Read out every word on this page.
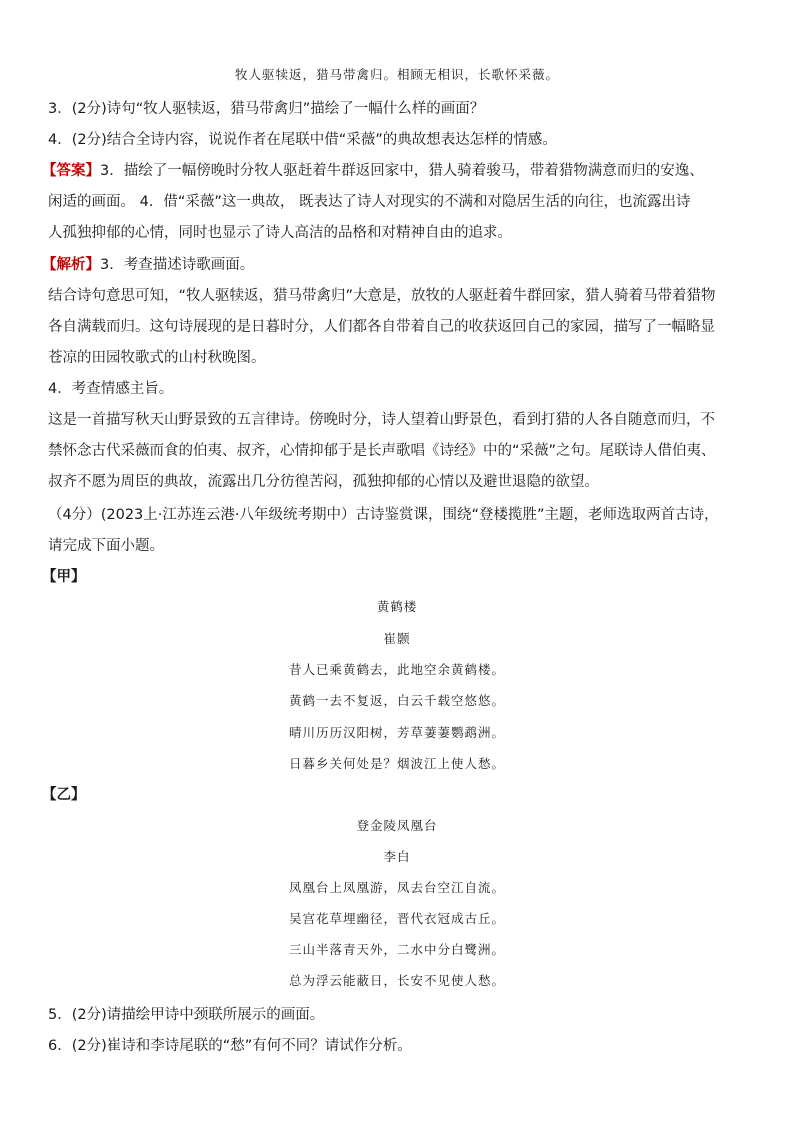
牧人驱犊返，猎马带禽归。相顾无相识，长歌怀采薇。
3．(2分)诗句“牧人驱犊返，猎马带禽归”描绘了一幅什么样的画面？
4．(2分)结合全诗内容，说说作者在尾联中借“采薇”的典故想表达怎样的情感。
【答案】3．描绘了一幅傍晚时分牧人驱赶着牛群返回家中，猎人骑着骏马，带着猎物满意而归的安逸、
闲适的画面。 4．借“采薇”这一典故， 既表达了诗人对现实的不满和对隐居生活的向往，也流露出诗
人孤独抑郁的心情，同时也显示了诗人高洁的品格和对精神自由的追求。
【解析】3．考查描述诗歌画面。
结合诗句意思可知，“牧人驱犊返，猎马带禽归”大意是，放牧的人驱赶着牛群回家，猎人骑着马带着猎物
各自满载而归。这句诗展现的是日暮时分，人们都各自带着自己的收获返回自己的家园，描写了一幅略显
苍凉的田园牧歌式的山村秋晚图。
4．考查情感主旨。
这是一首描写秋天山野景致的五言律诗。傍晚时分，诗人望着山野景色，看到打猎的人各自随意而归，不
禁怀念古代采薇而食的伯夷、叔齐，心情抑郁于是长声歌唱《诗经》中的“采薇”之句。尾联诗人借伯夷、
叔齐不愿为周臣的典故，流露出几分彷徨苦闷，孤独抑郁的心情以及避世退隐的欲望。
（4分）(2023上·江苏连云港·八年级统考期中）古诗鉴赏课，围绕“登楼揽胜”主题，老师选取两首古诗，
请完成下面小题。
【甲】
黄鹤楼
崔颢
昔人已乘黄鹤去，此地空余黄鹤楼。
黄鹤一去不复返，白云千载空悠悠。
晴川历历汉阳树，芳草萋萋鹦鹉洲。
日暮乡关何处是？烟波江上使人愁。
【乙】
登金陵凤凰台
李白
凤凰台上凤凰游，凤去台空江自流。
吴宫花草埋幽径，晋代衣冠成古丘。
三山半落青天外，二水中分白鹭洲。
总为浮云能蔽日，长安不见使人愁。
5．(2分)请描绘甲诗中颈联所展示的画面。
6．(2分)崔诗和李诗尾联的“愁”有何不同？请试作分析。
